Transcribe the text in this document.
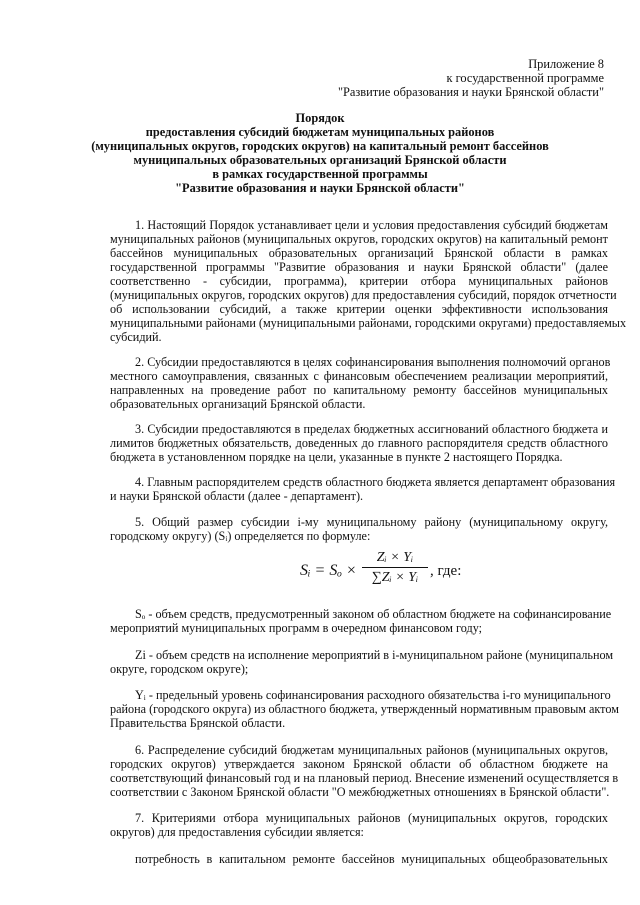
Приложение 8
к государственной программе
"Развитие образования и науки Брянской области"
Порядок
предоставления субсидий бюджетам муниципальных районов
(муниципальных округов, городских округов) на капитальный ремонт бассейнов
муниципальных образовательных организаций Брянской области
в рамках государственной программы
"Развитие образования и науки Брянской области"
1. Настоящий Порядок устанавливает цели и условия предоставления субсидий бюджетам
муниципальных районов (муниципальных округов, городских округов) на капитальный ремонт
бассейнов муниципальных образовательных организаций Брянской области в рамках
государственной программы "Развитие образования и науки Брянской области" (далее
соответственно - субсидии, программа), критерии отбора муниципальных районов
(муниципальных округов, городских округов) для предоставления субсидий, порядок отчетности
об использовании субсидий, а также критерии оценки эффективности использования
муниципальными районами (муниципальными районами, городскими округами) предоставляемых
субсидий.
2. Субсидии предоставляются в целях софинансирования выполнения полномочий органов
местного самоуправления, связанных с финансовым обеспечением реализации мероприятий,
направленных на проведение работ по капитальному ремонту бассейнов муниципальных
образовательных организаций Брянской области.
3. Субсидии предоставляются в пределах бюджетных ассигнований областного бюджета и
лимитов бюджетных обязательств, доведенных до главного распорядителя средств областного
бюджета в установленном порядке на цели, указанные в пункте 2 настоящего Порядка.
4. Главным распорядителем средств областного бюджета является департамент образования
и науки Брянской области (далее - департамент).
5. Общий размер субсидии i-му муниципальному району (муниципальному округу,
городскому округу) (Sᵢ) определяется по формуле:
Sᵢ = Sₒ ×
Zᵢ × Yᵢ
∑Zᵢ × Yᵢ , где:
Sₒ - объем средств, предусмотренный законом об областном бюджете на софинансирование
мероприятий муниципальных программ в очередном финансовом году;
Zi - объем средств на исполнение мероприятий в i-муниципальном районе (муниципальном
округе, городском округе);
Yᵢ - предельный уровень софинансирования расходного обязательства i-го муниципального
района (городского округа) из областного бюджета, утвержденный нормативным правовым актом
Правительства Брянской области.
6. Распределение субсидий бюджетам муниципальных районов (муниципальных округов,
городских округов) утверждается законом Брянской области об областном бюджете на
соответствующий финансовый год и на плановый период. Внесение изменений осуществляется в
соответствии с Законом Брянской области "О межбюджетных отношениях в Брянской области".
7. Критериями отбора муниципальных районов (муниципальных округов, городских
округов) для предоставления субсидии является:
потребность в капитальном ремонте бассейнов муниципальных общеобразовательных
